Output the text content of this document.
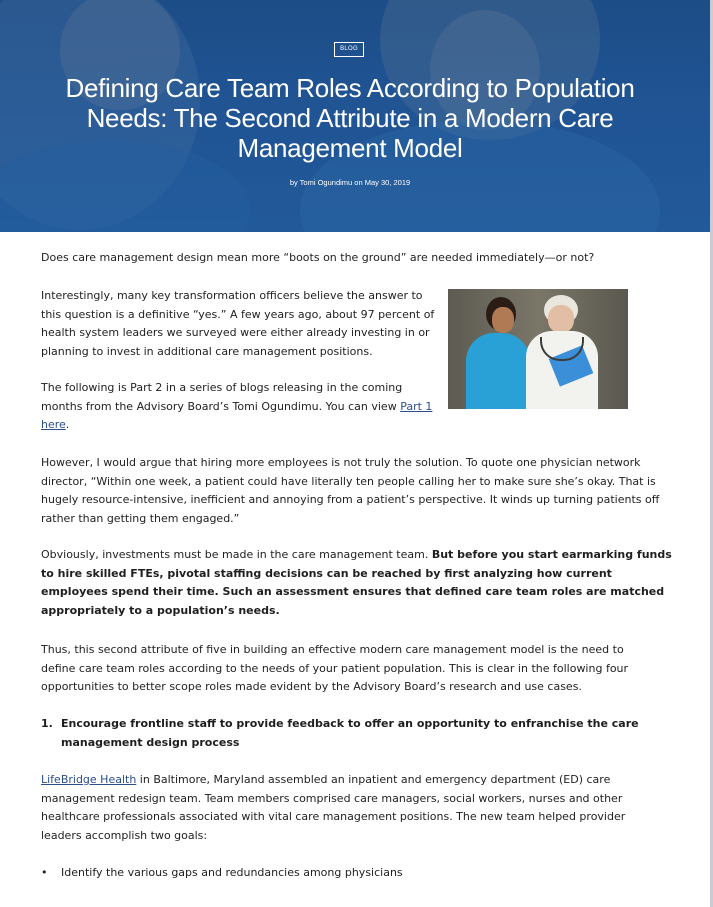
BLOG
Defining Care Team Roles According to Population Needs: The Second Attribute in a Modern Care Management Model
by Tomi Ogundimu on May 30, 2019

Does care management design mean more “boots on the ground” are needed immediately—or not?

Interestingly, many key transformation officers believe the answer to this question is a definitive “yes.” A few years ago, about 97 percent of health system leaders we surveyed were either already investing in or planning to invest in additional care management positions.

The following is Part 2 in a series of blogs releasing in the coming months from the Advisory Board’s Tomi Ogundimu. You can view Part 1 here.

However, I would argue that hiring more employees is not truly the solution. To quote one physician network director, “Within one week, a patient could have literally ten people calling her to make sure she’s okay. That is hugely resource-intensive, inefficient and annoying from a patient’s perspective. It winds up turning patients off rather than getting them engaged.”

Obviously, investments must be made in the care management team. But before you start earmarking funds to hire skilled FTEs, pivotal staffing decisions can be reached by first analyzing how current employees spend their time. Such an assessment ensures that defined care team roles are matched appropriately to a population’s needs.

Thus, this second attribute of five in building an effective modern care management model is the need to define care team roles according to the needs of your patient population. This is clear in the following four opportunities to better scope roles made evident by the Advisory Board’s research and use cases.

1. Encourage frontline staff to provide feedback to offer an opportunity to enfranchise the care management design process

LifeBridge Health in Baltimore, Maryland assembled an inpatient and emergency department (ED) care management redesign team. Team members comprised care managers, social workers, nurses and other healthcare professionals associated with vital care management positions. The new team helped provider leaders accomplish two goals:

• Identify the various gaps and redundancies among physicians
